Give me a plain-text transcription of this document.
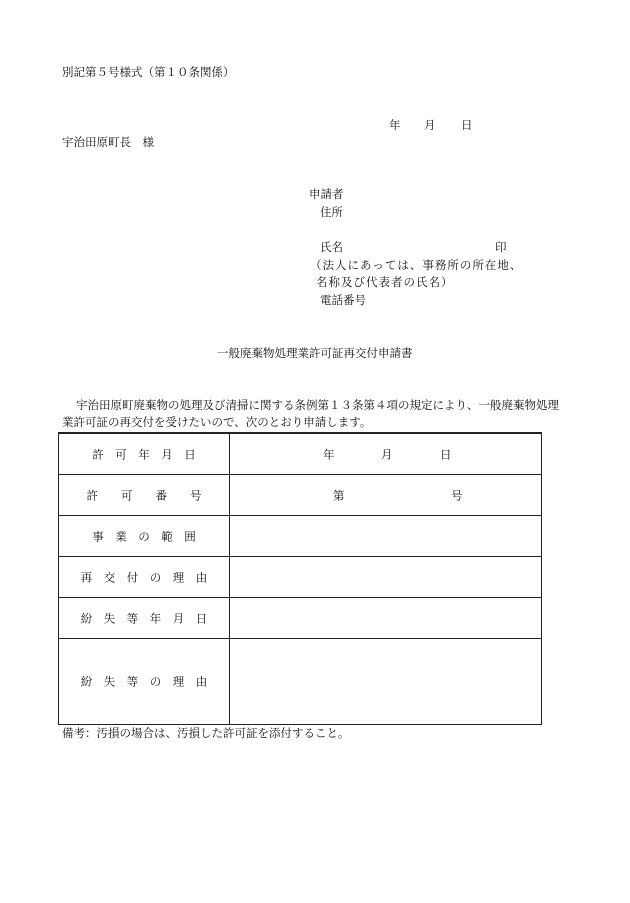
別記第５号様式（第１０条関係）
年 月 日
宇治田原町長　様
申請者
住所
氏名	印
（法人にあっては、事務所の所在地、
名称及び代表者の氏名）
電話番号
一般廃棄物処理業許可証再交付申請書
宇治田原町廃棄物の処理及び清掃に関する条例第１３条第４項の規定により、一般廃棄物処理
業許可証の再交付を受けたいので、次のとおり申請します。
許　可　年　月　日	年	月	日
許　　可　　番　　号	第	号
事　業　の　範　囲
再　交　付　の　理　由
紛　失　等　年　月　日
紛　失　等　の　理　由
備考：汚損の場合は、汚損した許可証を添付すること。
